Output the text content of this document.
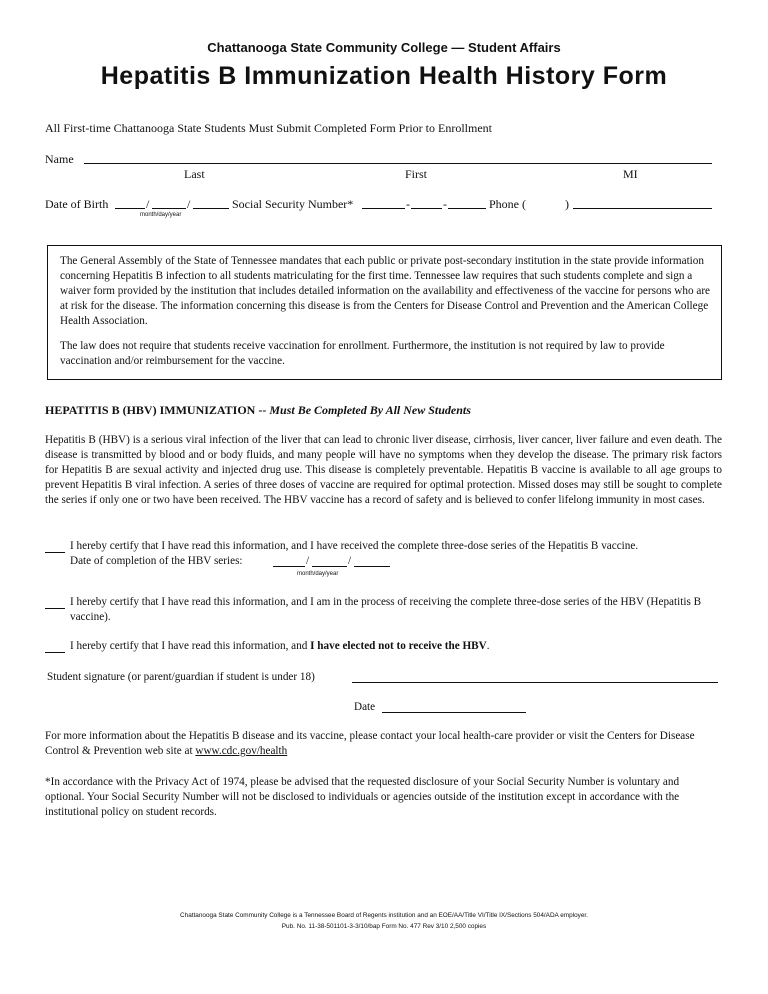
Chattanooga State Community College — Student Affairs
Hepatitis B Immunization Health History Form
All First-time Chattanooga State Students Must Submit Completed Form Prior to Enrollment
Name
Last	First	MI
Date of Birth	/	/
month/day/year
Social Security Number*	-	-	Phone (	)

The General Assembly of the State of Tennessee mandates that each public or private post-secondary institution in the state provide information concerning Hepatitis B infection to all students matriculating for the first time. Tennessee law requires that such students complete and sign a waiver form provided by the institution that includes detailed information on the availability and effectiveness of the vaccine for persons who are at risk for the disease. The information concerning this disease is from the Centers for Disease Control and Prevention and the American College Health Association.

The law does not require that students receive vaccination for enrollment. Furthermore, the institution is not required by law to provide vaccination and/or reimbursement for the vaccine.

HEPATITIS B (HBV) IMMUNIZATION -- Must Be Completed By All New Students
Hepatitis B (HBV) is a serious viral infection of the liver that can lead to chronic liver disease, cirrhosis, liver cancer, liver failure and even death. The disease is transmitted by blood and or body fluids, and many people will have no symptoms when they develop the disease. The primary risk factors for Hepatitis B are sexual activity and injected drug use. This disease is completely preventable. Hepatitis B vaccine is available to all age groups to prevent Hepatitis B viral infection. A series of three doses of vaccine are required for optimal protection. Missed doses may still be sought to complete the series if only one or two have been received. The HBV vaccine has a record of safety and is believed to confer lifelong immunity in most cases.
I hereby certify that I have read this information, and I have received the complete three-dose series of the Hepatitis B vaccine.
Date of completion of the HBV series:	/	/
month/day/year
I hereby certify that I have read this information, and I am in the process of receiving the complete three-dose series of the HBV (Hepatitis B vaccine).
I hereby certify that I have read this information, and I have elected not to receive the HBV.
Student signature (or parent/guardian if student is under 18)
Date
For more information about the Hepatitis B disease and its vaccine, please contact your local health-care provider or visit the Centers for Disease Control & Prevention web site at www.cdc.gov/health
*In accordance with the Privacy Act of 1974, please be advised that the requested disclosure of your Social Security Number is voluntary and optional. Your Social Security Number will not be disclosed to individuals or agencies outside of the institution except in accordance with the institutional policy on student records.
Chattanooga State Community College is a Tennessee Board of Regents institution and an EOE/AA/Title VI/Title IX/Sections 504/ADA employer.
Pub. No. 11-38-501101-3-3/10/bap Form No. 477 Rev 3/10 2,500 copies
